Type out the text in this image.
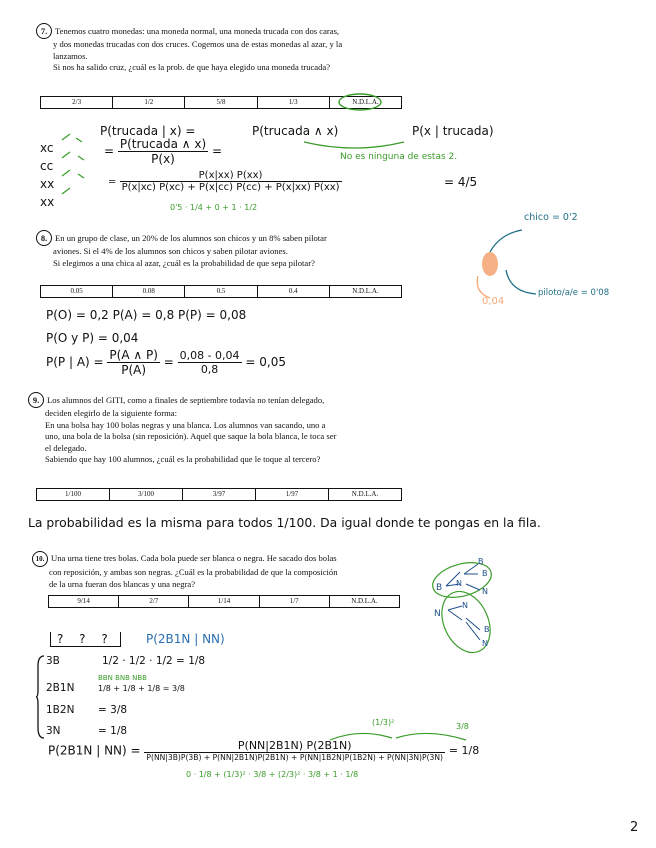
7. Tenemos cuatro monedas: una moneda normal, una moneda trucada con dos caras,
y dos monedas trucadas con dos cruces. Cogemos una de estas monedas al azar, y la
lanzamos.
Si nos ha salido cruz, ¿cuál es la prob. de que haya elegido una moneda trucada?
2/3	1/2	5/8	1/3	N.D.L.A.
xc
cc
xx
xx
P(trucada | x) =	P(trucada ∧ x)	P(x | trucada)
= $\frac{\text{P(trucada ∧ x)}}{P(x)}$ =	No es ninguna de estas 2.
= $\frac{P(x|xx) P(xx)}{P(x|xc) P(xc) + P(x|cc) P(cc) + P(x|xx) P(xx)}$	= 4/5
0'5 · 1/4 + 0 + 1 · 1/2
8. En un grupo de clase, un 20% de los alumnos son chicos y un 8% saben pilotar
aviones. Si el 4% de los alumnos son chicos y saben pilotar aviones.
Si elegimos a una chica al azar, ¿cuál es la probabilidad de que sepa pilotar?
0.05	0.08	0.5	0.4	N.D.L.A.
chico = 0'2
piloto/a/e = 0'08
0,04
P(O) = 0,2 P(A) = 0,8 P(P) = 0,08
P(O y P) = 0,04
P(P | $A) = \frac{P(A \wedge P)}{P(A)} = \frac{0,08 - 0,04}{0,8} = 0,05$
9. Los alumnos del GITI, como a finales de septiembre todavía no tenían delegado,
deciden elegirlo de la siguiente forma:
En una bolsa hay 100 bolas negras y una blanca. Los alumnos van sacando, uno a
uno, una bola de la bolsa (sin reposición). Aquel que saque la bola blanca, le toca ser
el delegado.
Sabiendo que hay 100 alumnos, ¿cuál es la probabilidad que le toque al tercero?
1/100	3/100	3/97	1/97	N.D.L.A.
La probabilidad es la misma para todos 1/100. Da igual donde te pongas en la fila.
10. Una urna tiene tres bolas. Cada bola puede ser blanca o negra. He sacado dos bolas
con reposición, y ambas son negras. ¿Cuál es la probabilidad de que la composición
de la urna fueran dos blancas y una negra?
9/14	2/7	1/14	1/7	N.D.L.A.
B
N
B
N
B
N
N
B
N
? ? ?	P(2B1N | NN)
3B	1/2 · 1/2 · 1/2 = 1/8
BBN BNB NBB
2B1N	1/8 + 1/8 + 1/8 = 3/8
1B2N = 3/8
3N	= 1/8
(1/3)²	3/8
P(2B1N | NN) =	P(NN|2B1N) P(2B1N)
P(NN|3B)P(3B) + P(NN|2B1N)P(2B1N) + P(NN|1B2N)P(1B2N) + P(NN|3N)P(3N)
= 1/8
0 · 1/8 + (1/3)² · 3/8 + (2/3)² · 3/8 + 1 · 1/8
2
